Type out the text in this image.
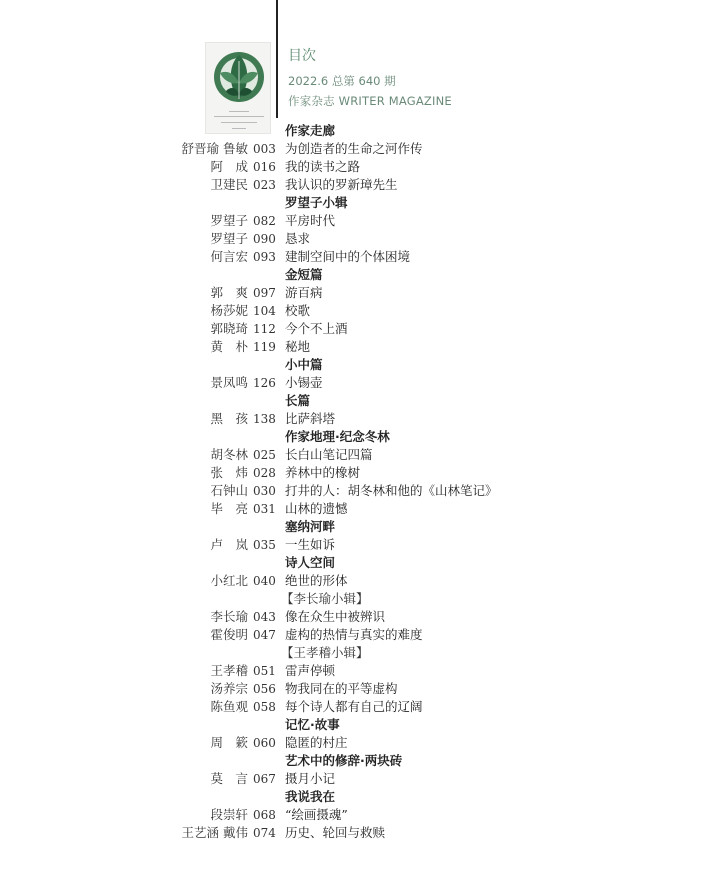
目次
2022.6 总第 640 期
作家杂志 WRITER MAGAZINE
作家走廊
舒晋瑜 鲁敏 003 为创造者的生命之河作传
阿　成 016 我的读书之路
卫建民 023 我认识的罗新璋先生
罗望子小辑
罗望子 082 平房时代
罗望子 090 恳求
何言宏 093 建制空间中的个体困境
金短篇
郭　爽 097 游百病
杨莎妮 104 校歌
郭晓琦 112 今个不上酒
黄　朴 119 秘地
小中篇
景凤鸣 126 小锡壶
长篇
黑　孩 138 比萨斜塔
作家地理·纪念冬林
胡冬林 025 长白山笔记四篇
张　炜 028 养林中的橡树
石钟山 030 打井的人：胡冬林和他的《山林笔记》
毕　亮 031 山林的遗憾
塞纳河畔
卢　岚 035 一生如诉
诗人空间
小红北 040 绝世的形体
【李长瑜小辑】
李长瑜 043 像在众生中被辨识
霍俊明 047 虚构的热情与真实的难度
【王孝稽小辑】
王孝稽 051 雷声停顿
汤养宗 056 物我同在的平等虚构
陈鱼观 058 每个诗人都有自己的辽阔
记忆·故事
周　簌 060 隐匿的村庄
艺术中的修辞·两块砖
莫　言 067 摄月小记
我说我在
段崇轩 068 “绘画摄魂”
王艺涵 戴伟 074 历史、轮回与救赎
